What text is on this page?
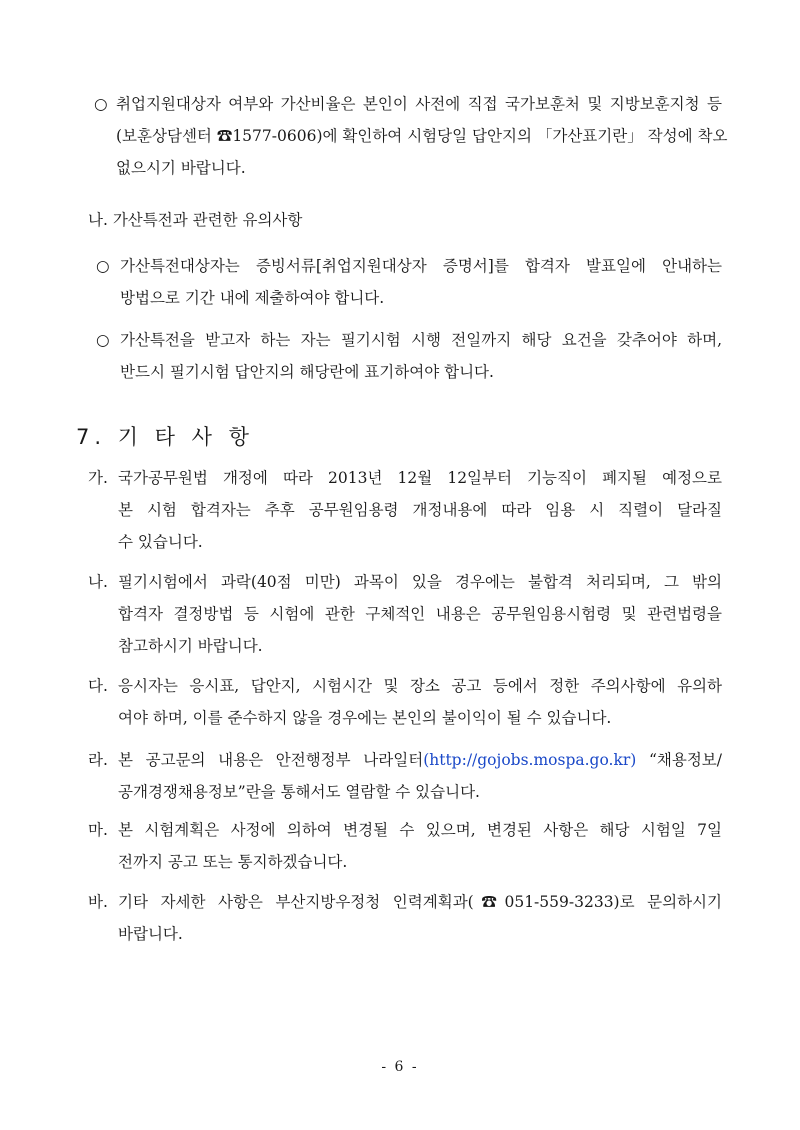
○ 취업지원대상자 여부와 가산비율은 본인이 사전에 직접 국가보훈처 및 지방보훈지청 등
(보훈상담센터 ☎1577-0606)에 확인하여 시험당일 답안지의 「가산표기란」 작성에 착오
없으시기 바랍니다.
나. 가산특전과 관련한 유의사항
○ 가산특전대상자는 증빙서류[취업지원대상자 증명서]를 합격자 발표일에 안내하는
방법으로 기간 내에 제출하여야 합니다.
○ 가산특전을 받고자 하는 자는 필기시험 시행 전일까지 해당 요건을 갖추어야 하며,
반드시 필기시험 답안지의 해당란에 표기하여야 합니다.
7. 기 타 사 항
가. 국가공무원법 개정에 따라 2013년 12월 12일부터 기능직이 폐지될 예정으로
본 시험 합격자는 추후 공무원임용령 개정내용에 따라 임용 시 직렬이 달라질
수 있습니다.
나. 필기시험에서 과락(40점 미만) 과목이 있을 경우에는 불합격 처리되며, 그 밖의
합격자 결정방법 등 시험에 관한 구체적인 내용은 공무원임용시험령 및 관련법령을
참고하시기 바랍니다.
다. 응시자는 응시표, 답안지, 시험시간 및 장소 공고 등에서 정한 주의사항에 유의하
여야 하며, 이를 준수하지 않을 경우에는 본인의 불이익이 될 수 있습니다.
라. 본 공고문의 내용은 안전행정부 나라일터(http://gojobs.mospa.go.kr) “채용정보/
공개경쟁채용정보”란을 통해서도 열람할 수 있습니다.
마. 본 시험계획은 사정에 의하여 변경될 수 있으며, 변경된 사항은 해당 시험일 7일
전까지 공고 또는 통지하겠습니다.
바. 기타 자세한 사항은 부산지방우정청 인력계획과(☎051-559-3233)로 문의하시기
바랍니다.
- 6 -
